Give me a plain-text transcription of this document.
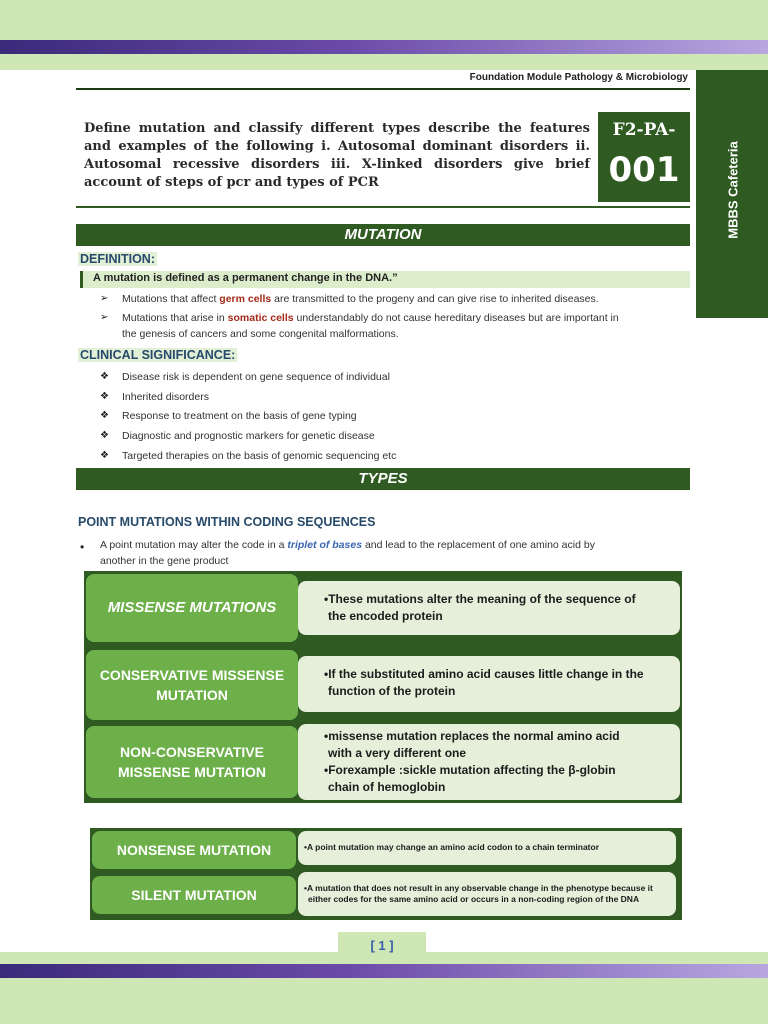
Foundation Module Pathology & Microbiology
MBBS Cafeteria
Define mutation and classify different types describe the features and examples of the following i. Autosomal dominant disorders ii. Autosomal recessive disorders iii. X-linked disorders give brief account of steps of pcr and types of PCR
F2-PA-
001
MUTATION
DEFINITION:
A mutation is defined as a permanent change in the DNA.”
➢ Mutations that affect germ cells are transmitted to the progeny and can give rise to inherited diseases.
➢ Mutations that arise in somatic cells understandably do not cause hereditary diseases but are important in
the genesis of cancers and some congenital malformations.
CLINICAL SIGNIFICANCE:
❖ Disease risk is dependent on gene sequence of individual
❖ Inherited disorders
❖ Response to treatment on the basis of gene typing
❖ Diagnostic and prognostic markers for genetic disease
❖ Targeted therapies on the basis of genomic sequencing etc
TYPES
POINT MUTATIONS WITHIN CODING SEQUENCES
• A point mutation may alter the code in a triplet of bases and lead to the replacement of one amino acid by
another in the gene product
MISSENSE MUTATIONS	•These mutations alter the meaning of the sequence of
the encoded protein
CONSERVATIVE MISSENSE MUTATION
•If the substituted amino acid causes little change in the
function of the protein
NON-CONSERVATIVE MISSENSE MUTATION
•missense mutation replaces the normal amino acid
with a very different one
•Forexample :sickle mutation affecting the β-globin
chain of hemoglobin
NONSENSE MUTATION	•A point mutation may change an amino acid codon to a chain terminator
SILENT MUTATION	•A mutation that does not result in any observable change in the phenotype because it
either codes for the same amino acid or occurs in a non-coding region of the DNA
[ 1 ]
